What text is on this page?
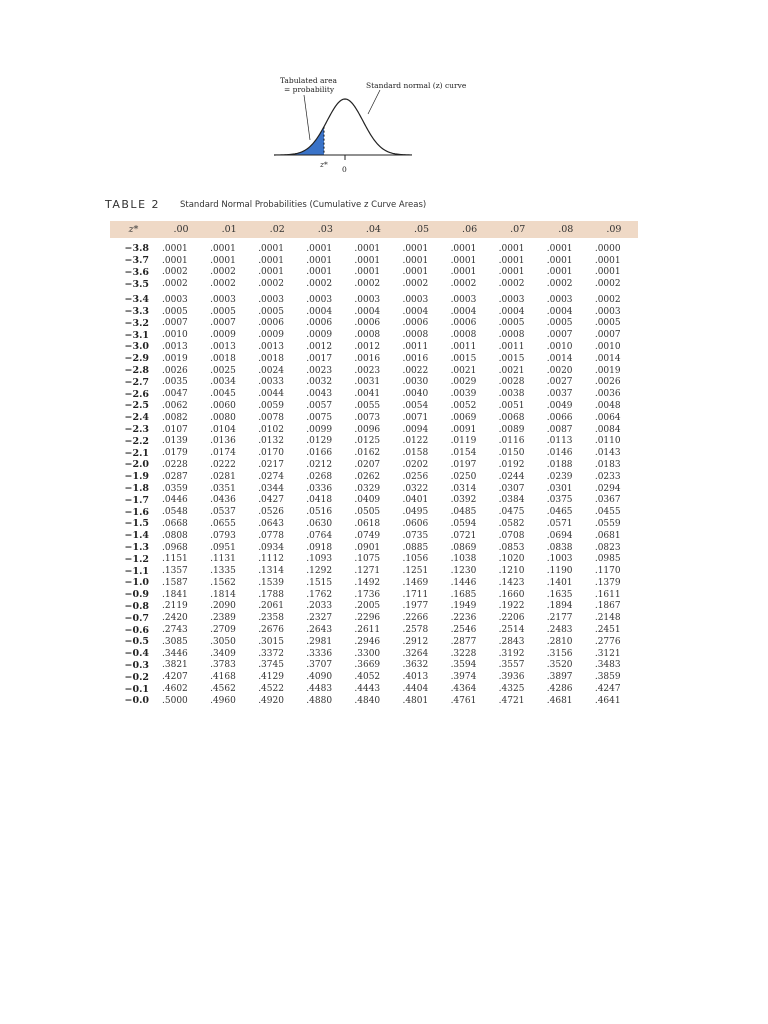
Tabulated area
= probability	Standard normal (z) curve
z*
0
TABLE 2 Standard Normal Probabilities (Cumulative z Curve Areas)
z*	.00	.01	.02	.03	.04	.05	.06	.07	.08	.09
−3.8	.0001	.0001	.0001	.0001	.0001	.0001	.0001	.0001	.0001	.0000
−3.7	.0001	.0001	.0001	.0001	.0001	.0001	.0001	.0001	.0001	.0001
−3.6	.0002	.0002	.0001	.0001	.0001	.0001	.0001	.0001	.0001	.0001
−3.5	.0002	.0002	.0002	.0002	.0002	.0002	.0002	.0002	.0002	.0002
−3.4	.0003	.0003	.0003	.0003	.0003	.0003	.0003	.0003	.0003	.0002
−3.3	.0005	.0005	.0005	.0004	.0004	.0004	.0004	.0004	.0004	.0003
−3.2	.0007	.0007	.0006	.0006	.0006	.0006	.0006	.0005	.0005	.0005
−3.1	.0010	.0009	.0009	.0009	.0008	.0008	.0008	.0008	.0007	.0007
−3.0	.0013	.0013	.0013	.0012	.0012	.0011	.0011	.0011	.0010	.0010
−2.9	.0019	.0018	.0018	.0017	.0016	.0016	.0015	.0015	.0014	.0014
−2.8	.0026	.0025	.0024	.0023	.0023	.0022	.0021	.0021	.0020	.0019
−2.7	.0035	.0034	.0033	.0032	.0031	.0030	.0029	.0028	.0027	.0026
−2.6	.0047	.0045	.0044	.0043	.0041	.0040	.0039	.0038	.0037	.0036
−2.5	.0062	.0060	.0059	.0057	.0055	.0054	.0052	.0051	.0049	.0048
−2.4	.0082	.0080	.0078	.0075	.0073	.0071	.0069	.0068	.0066	.0064
−2.3	.0107	.0104	.0102	.0099	.0096	.0094	.0091	.0089	.0087	.0084
−2.2	.0139	.0136	.0132	.0129	.0125	.0122	.0119	.0116	.0113	.0110
−2.1	.0179	.0174	.0170	.0166	.0162	.0158	.0154	.0150	.0146	.0143
−2.0	.0228	.0222	.0217	.0212	.0207	.0202	.0197	.0192	.0188	.0183
−1.9	.0287	.0281	.0274	.0268	.0262	.0256	.0250	.0244	.0239	.0233
−1.8	.0359	.0351	.0344	.0336	.0329	.0322	.0314	.0307	.0301	.0294
−1.7	.0446	.0436	.0427	.0418	.0409	.0401	.0392	.0384	.0375	.0367
−1.6	.0548	.0537	.0526	.0516	.0505	.0495	.0485	.0475	.0465	.0455
−1.5	.0668	.0655	.0643	.0630	.0618	.0606	.0594	.0582	.0571	.0559
−1.4	.0808	.0793	.0778	.0764	.0749	.0735	.0721	.0708	.0694	.0681
−1.3	.0968	.0951	.0934	.0918	.0901	.0885	.0869	.0853	.0838	.0823
−1.2	.1151	.1131	.1112	.1093	.1075	.1056	.1038	.1020	.1003	.0985
−1.1	.1357	.1335	.1314	.1292	.1271	.1251	.1230	.1210	.1190	.1170
−1.0	.1587	.1562	.1539	.1515	.1492	.1469	.1446	.1423	.1401	.1379
−0.9	.1841	.1814	.1788	.1762	.1736	.1711	.1685	.1660	.1635	.1611
−0.8	.2119	.2090	.2061	.2033	.2005	.1977	.1949	.1922	.1894	.1867
−0.7	.2420	.2389	.2358	.2327	.2296	.2266	.2236	.2206	.2177	.2148
−0.6	.2743	.2709	.2676	.2643	.2611	.2578	.2546	.2514	.2483	.2451
−0.5	.3085	.3050	.3015	.2981	.2946	.2912	.2877	.2843	.2810	.2776
−0.4	.3446	.3409	.3372	.3336	.3300	.3264	.3228	.3192	.3156	.3121
−0.3	.3821	.3783	.3745	.3707	.3669	.3632	.3594	.3557	.3520	.3483
−0.2	.4207	.4168	.4129	.4090	.4052	.4013	.3974	.3936	.3897	.3859
−0.1	.4602	.4562	.4522	.4483	.4443	.4404	.4364	.4325	.4286	.4247
−0.0	.5000	.4960	.4920	.4880	.4840	.4801	.4761	.4721	.4681	.4641
